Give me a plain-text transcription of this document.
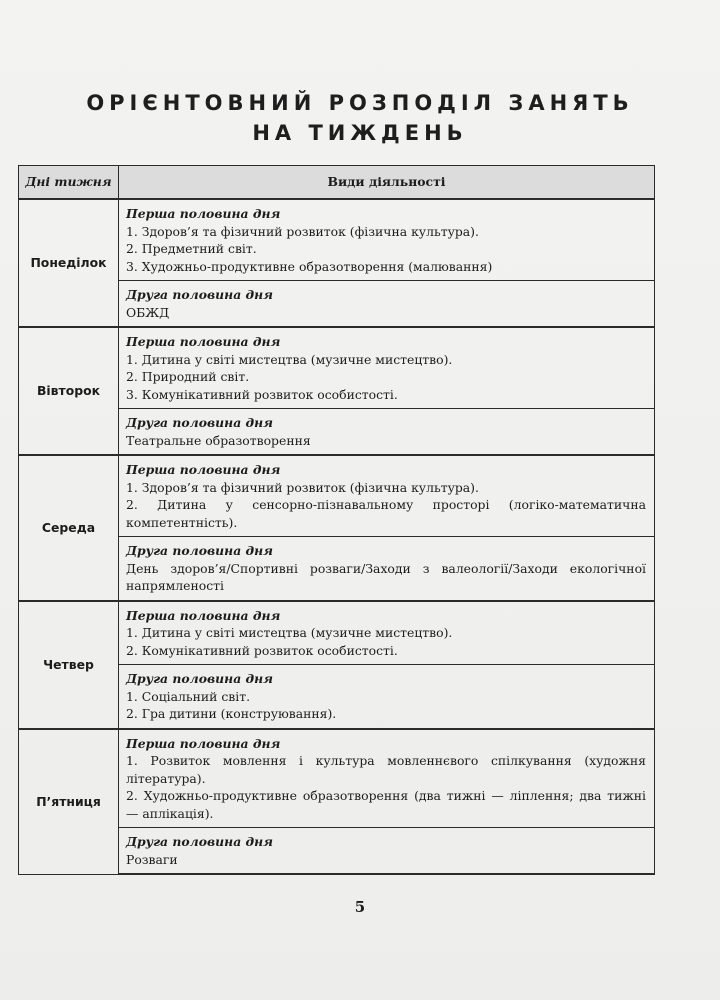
ОРІЄНТОВНИЙ РОЗПОДІЛ ЗАНЯТЬ
НА ТИЖДЕНЬ
Дні тижня	Види діяльності
Понеділок	Перша половина дня
1. Здоров’я та фізичний розвиток (фізична культура).
2. Предметний світ.
3. Художньо-продуктивне образотворення (малювання)

	Друга половина дня
ОБЖД

Вівторок	Перша половина дня
1. Дитина у світі мистецтва (музичне мистецтво).
2. Природний світ.
3. Комунікативний розвиток особистості.

	Друга половина дня
Театральне образотворення

Середа	Перша половина дня
1. Здоров’я та фізичний розвиток (фізична культура).
2. Дитина у сенсорно-пізнавальному просторі (логіко-математична компетентність).

	Друга половина дня
День здоров’я/Спортивні розваги/Заходи з валеології/Заходи екологічної напрямленості

Четвер	Перша половина дня
1. Дитина у світі мистецтва (музичне мистецтво).
2. Комунікативний розвиток особистості.

	Друга половина дня
1. Соціальний світ.
2. Гра дитини (конструювання).

П’ятниця	Перша половина дня
1. Розвиток мовлення і культура мовленнєвого спілкування (художня література).
2. Художньо-продуктивне образотворення (два тижні — ліплення; два тижні — аплікація).

	Друга половина дня
Розваги
5
